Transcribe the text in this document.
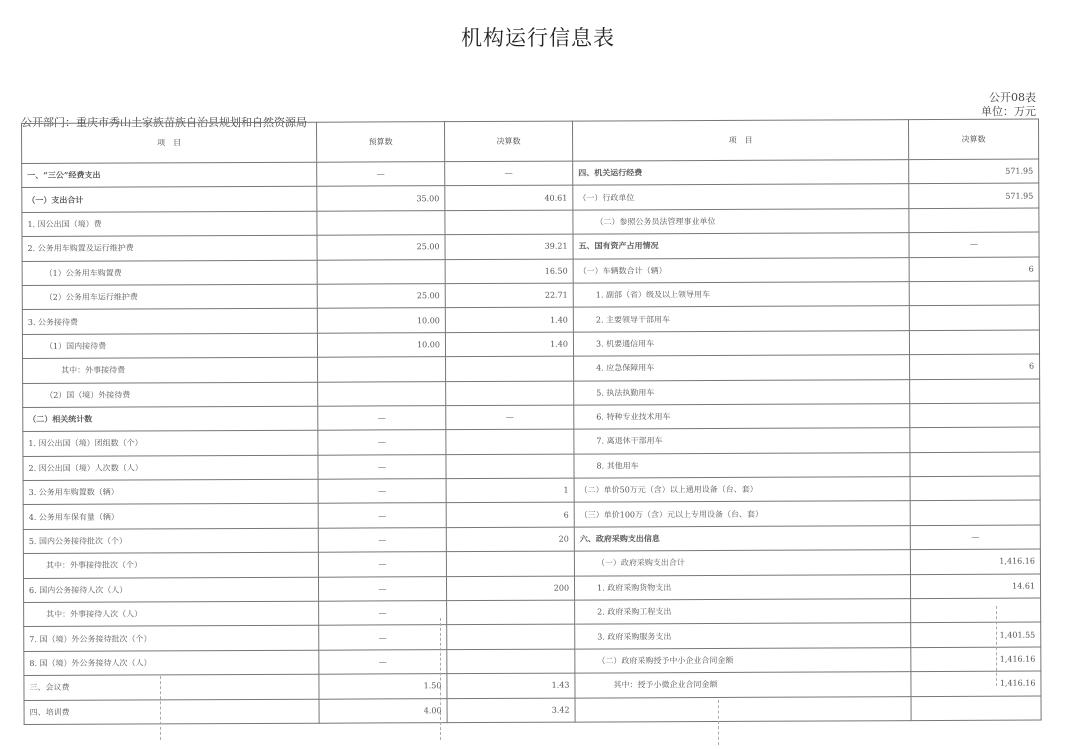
机构运行信息表
公开08表
单位：万元
公开部门：重庆市秀山土家族苗族自治县规划和自然资源局
项　目	预算数	决算数	项　目	决算数
一、“三公”经费支出	—	—	四、机关运行经费	571.95
（一）支出合计	35.00	40.61	（一）行政单位	571.95
1. 因公出国（境）费			（二）参照公务员法管理事业单位	
2. 公务用车购置及运行维护费	25.00	39.21	五、国有资产占用情况	—
（1）公务用车购置费		16.50	（一）车辆数合计（辆）	6
（2）公务用车运行维护费	25.00	22.71	1. 副部（省）级及以上领导用车	
3. 公务接待费	10.00	1.40	2. 主要领导干部用车	
（1）国内接待费	10.00	1.40	3. 机要通信用车	
其中：外事接待费			4. 应急保障用车	6
（2）国（境）外接待费			5. 执法执勤用车	
（二）相关统计数	—	—	6. 特种专业技术用车	
1. 因公出国（境）团组数（个）	—		7. 离退休干部用车	
2. 因公出国（境）人次数（人）	—		8. 其他用车	
3. 公务用车购置数（辆）	—	1	（二）单价50万元（含）以上通用设备（台、套）	
4. 公务用车保有量（辆）	—	6	（三）单价100万（含）元以上专用设备（台、套）	
5. 国内公务接待批次（个）	—	20	六、政府采购支出信息	—
其中：外事接待批次（个）	—		（一）政府采购支出合计	1,416.16
6. 国内公务接待人次（人）	—	200	1. 政府采购货物支出	14.61
其中：外事接待人次（人）	—		2. 政府采购工程支出	
7. 国（境）外公务接待批次（个）	—		3. 政府采购服务支出	1,401.55
8. 国（境）外公务接待人次（人）	—		（二）政府采购授予中小企业合同金额	1,416.16
三、会议费	1.50	1.43	其中：授予小微企业合同金额	1,416.16
四、培训费	4.00	3.42		
